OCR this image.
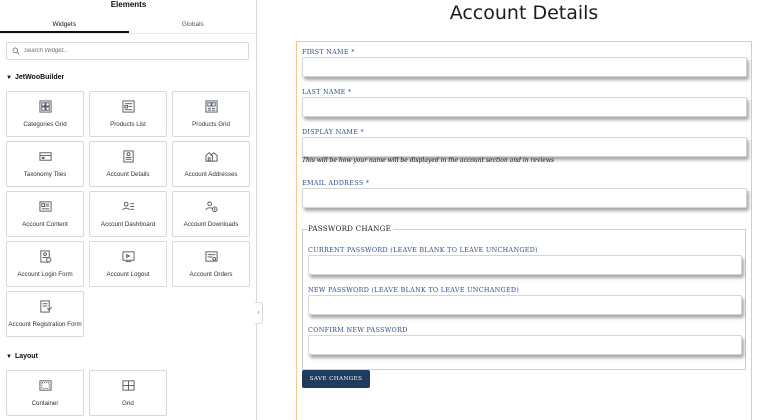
Elements
Widgets	Globals
Search Widget...
▼ JetWooBuilder
Categories Grid	Products List	Products Grid
Taxonomy Tiles	Account Details	Account Addresses
Account Content	Account Dashboard	Account Downloads
Account Login Form	Account Logout	Account Orders
Account Registration Form
▼ Layout
Container	Grid
‹
Account Details
FIRST NAME *
LAST NAME *
DISPLAY NAME *
This will be how your name will be displayed in the account section and in reviews
EMAIL ADDRESS *
PASSWORD CHANGE
CURRENT PASSWORD (LEAVE BLANK TO LEAVE UNCHANGED)
NEW PASSWORD (LEAVE BLANK TO LEAVE UNCHANGED)
CONFIRM NEW PASSWORD
SAVE CHANGES
